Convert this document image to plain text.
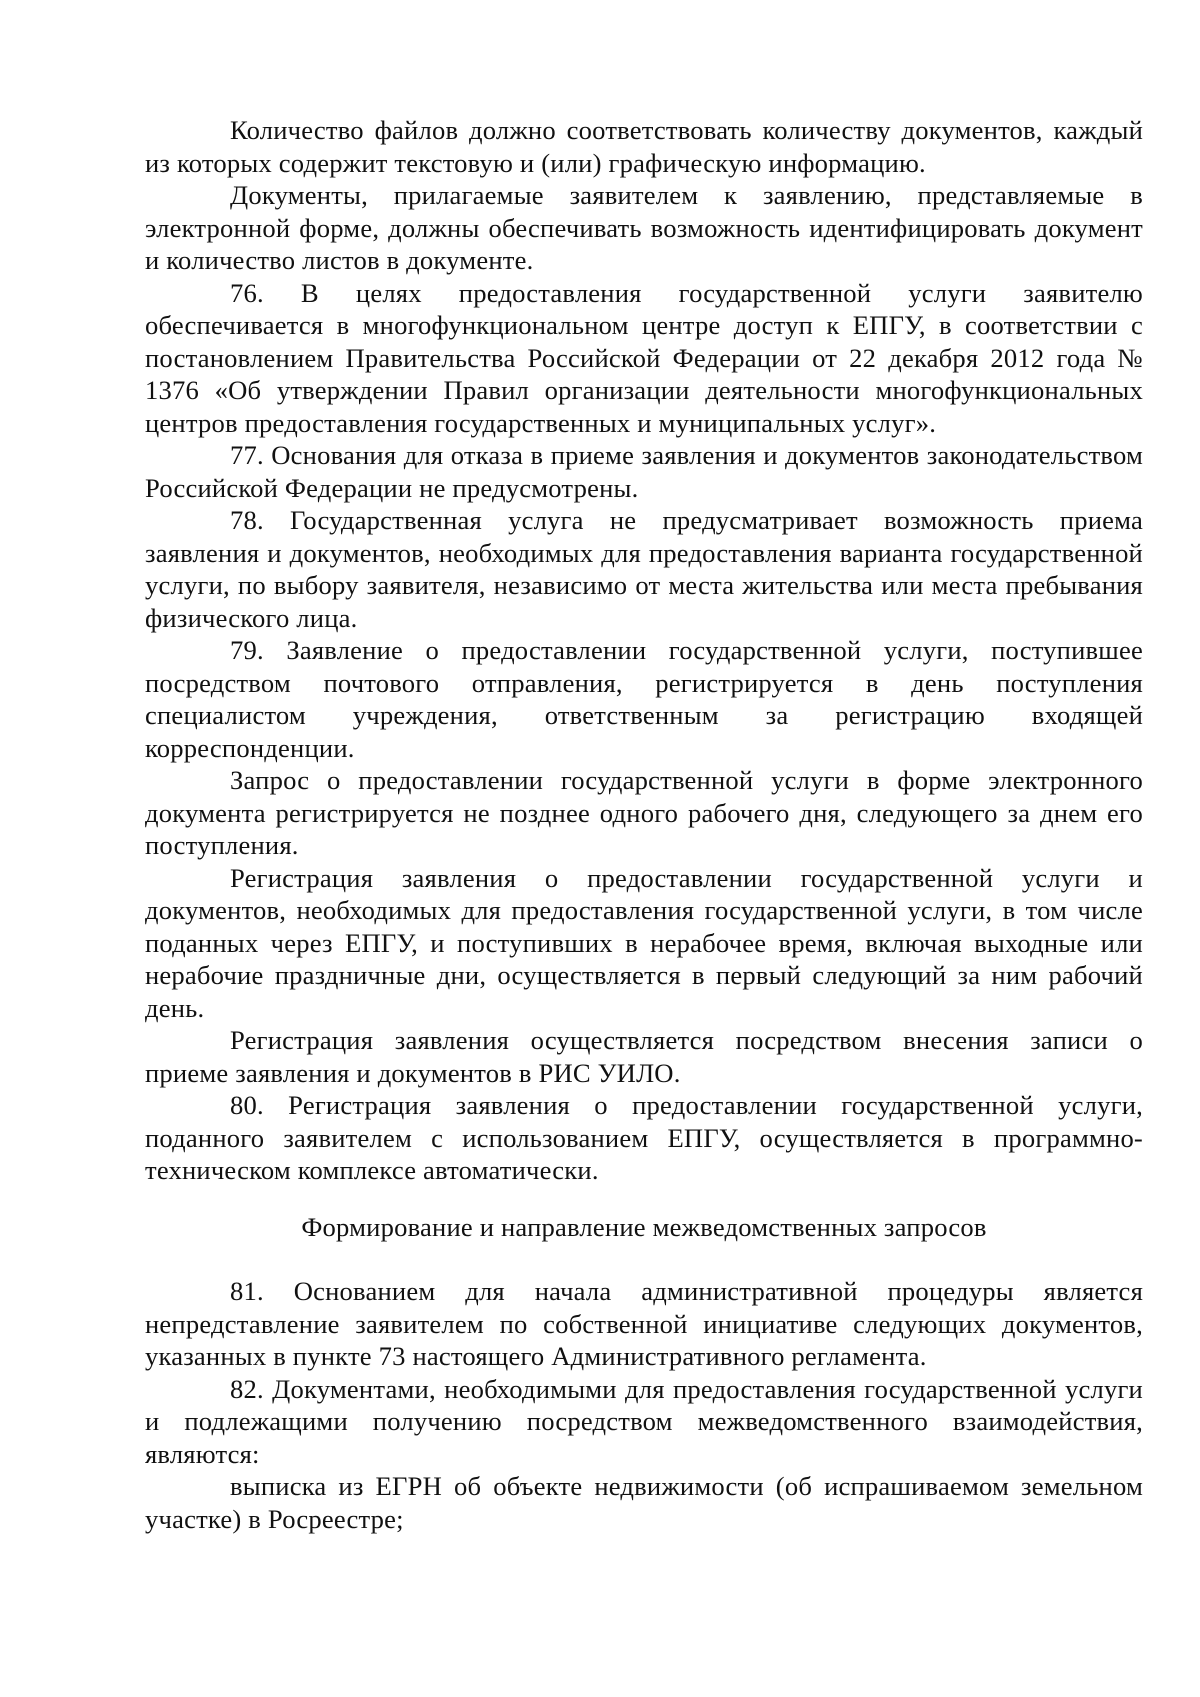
Количество файлов должно соответствовать количеству документов, каждый из которых содержит текстовую и (или) графическую информацию.

Документы, прилагаемые заявителем к заявлению, представляемые в электронной форме, должны обеспечивать возможность идентифицировать документ и количество листов в документе.

76. В целях предоставления государственной услуги заявителю обеспечивается в многофункциональном центре доступ к ЕПГУ, в соответствии с постановлением Правительства Российской Федерации от 22 декабря 2012 года № 1376 «Об утверждении Правил организации деятельности многофункциональных центров предоставления государственных и муниципальных услуг».

77. Основания для отказа в приеме заявления и документов законодательством Российской Федерации не предусмотрены.

78. Государственная услуга не предусматривает возможность приема заявления и документов, необходимых для предоставления варианта государственной услуги, по выбору заявителя, независимо от места жительства или места пребывания физического лица.

79. Заявление о предоставлении государственной услуги, поступившее посредством почтового отправления, регистрируется в день поступления специалистом учреждения, ответственным за регистрацию входящей корреспонденции.

Запрос о предоставлении государственной услуги в форме электронного документа регистрируется не позднее одного рабочего дня, следующего за днем его поступления.

Регистрация заявления о предоставлении государственной услуги и документов, необходимых для предоставления государственной услуги, в том числе поданных через ЕПГУ, и поступивших в нерабочее время, включая выходные или нерабочие праздничные дни, осуществляется в первый следующий за ним рабочий день.

Регистрация заявления осуществляется посредством внесения записи о приеме заявления и документов в РИС УИЛО.

80. Регистрация заявления о предоставлении государственной услуги, поданного заявителем с использованием ЕПГУ, осуществляется в программно-техническом комплексе автоматически.

Формирование и направление межведомственных запросов

81. Основанием для начала административной процедуры является непредставление заявителем по собственной инициативе следующих документов, указанных в пункте 73 настоящего Административного регламента.

82. Документами, необходимыми для предоставления государственной услуги и подлежащими получению посредством межведомственного взаимодействия, являются:

выписка из ЕГРН об объекте недвижимости (об испрашиваемом земельном участке) в Росреестре;
